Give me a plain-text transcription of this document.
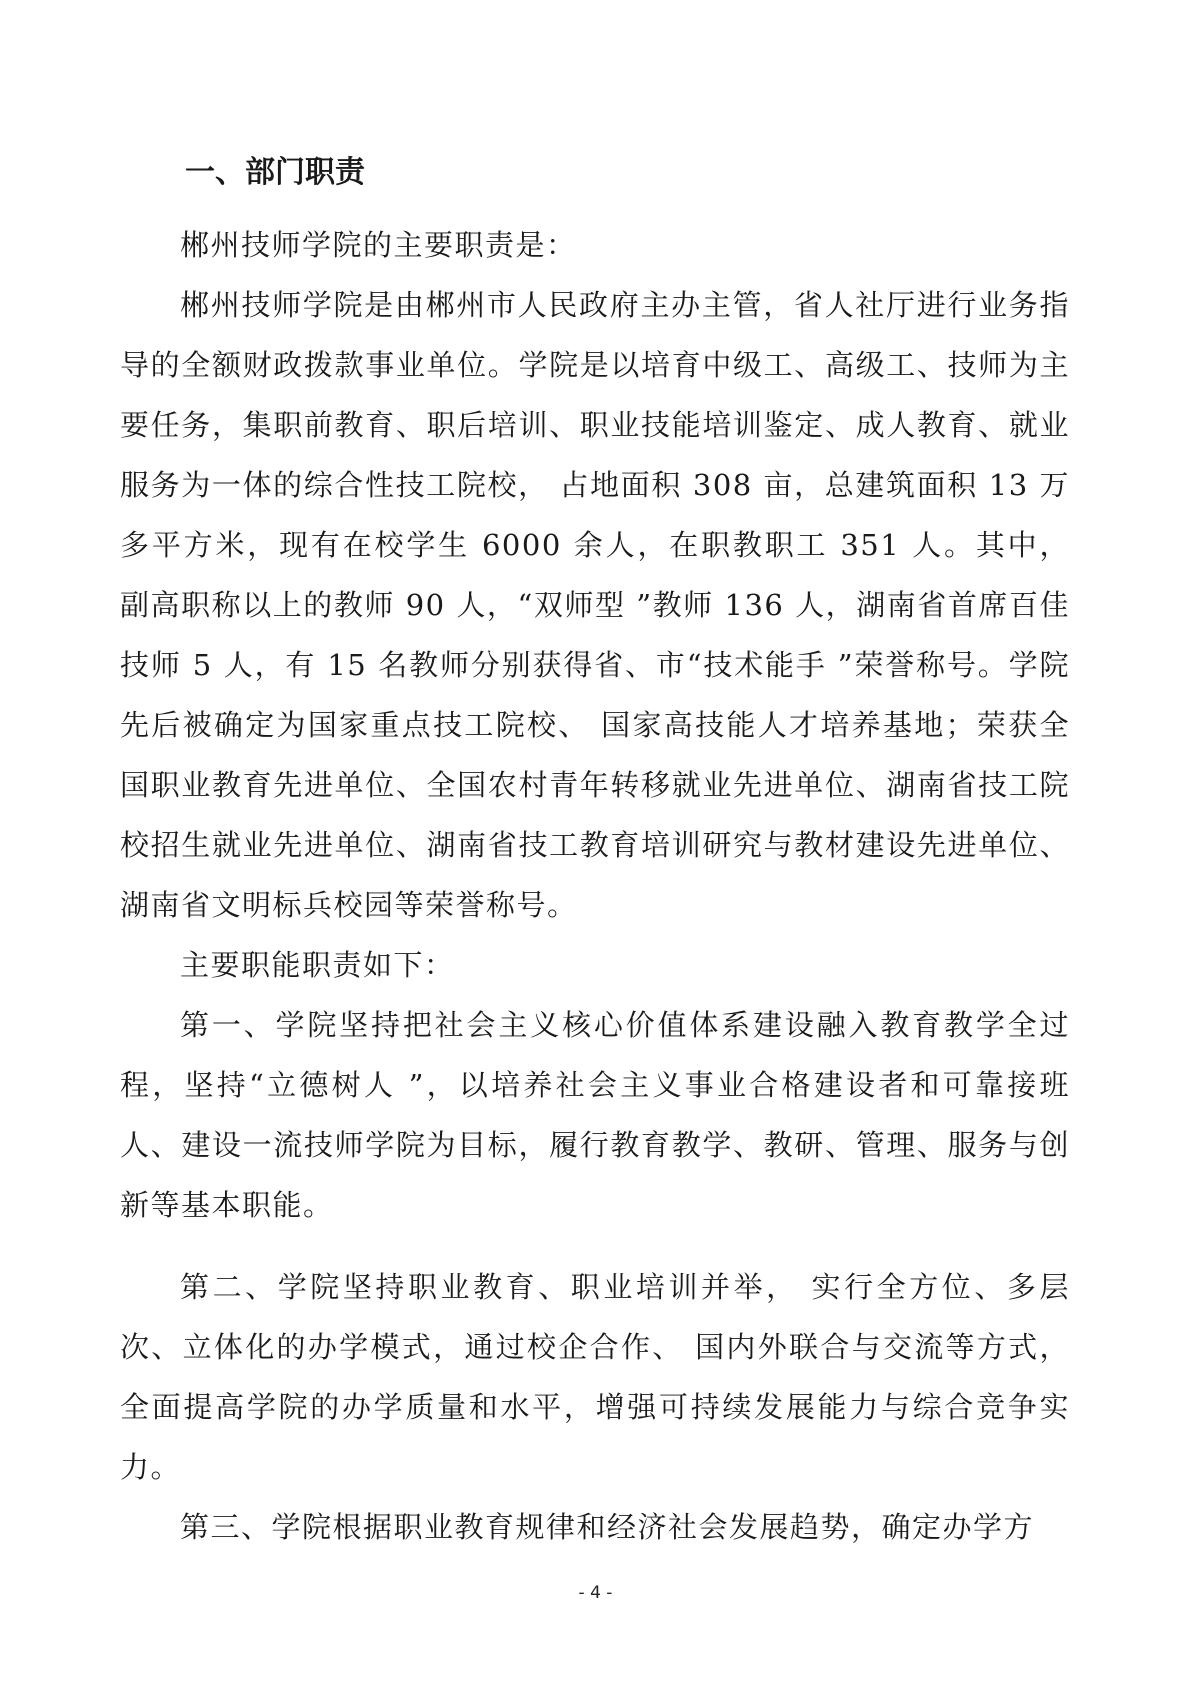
一、部门职责

郴州技师学院的主要职责是：

郴州技师学院是由郴州市人民政府主办主管，省人社厅进行业务指导的全额财政拨款事业单位。学院是以培育中级工、高级工、技师为主要任务，集职前教育、职后培训、职业技能培训鉴定、成人教育、就业服务为一体的综合性技工院校， 占地面积 308 亩，总建筑面积 13 万多平方米，现有在校学生 6000 余人，在职教职工 351 人。其中， 副高职称以上的教师 90 人，“双师型 ”教师 136 人，湖南省首席百佳技师 5 人，有 15 名教师分别获得省、市“技术能手 ”荣誉称号。学院先后被确定为国家重点技工院校、 国家高技能人才培养基地；荣获全国职业教育先进单位、全国农村青年转移就业先进单位、湖南省技工院校招生就业先进单位、湖南省技工教育培训研究与教材建设先进单位、湖南省文明标兵校园等荣誉称号。

主要职能职责如下：

第一、学院坚持把社会主义核心价值体系建设融入教育教学全过程，坚持“立德树人 ”，以培养社会主义事业合格建设者和可靠接班人、建设一流技师学院为目标，履行教育教学、教研、管理、服务与创新等基本职能。

第二、学院坚持职业教育、职业培训并举， 实行全方位、多层次、立体化的办学模式，通过校企合作、 国内外联合与交流等方式，全面提高学院的办学质量和水平，增强可持续发展能力与综合竞争实力。

第三、学院根据职业教育规律和经济社会发展趋势，确定办学方

- 4 -
